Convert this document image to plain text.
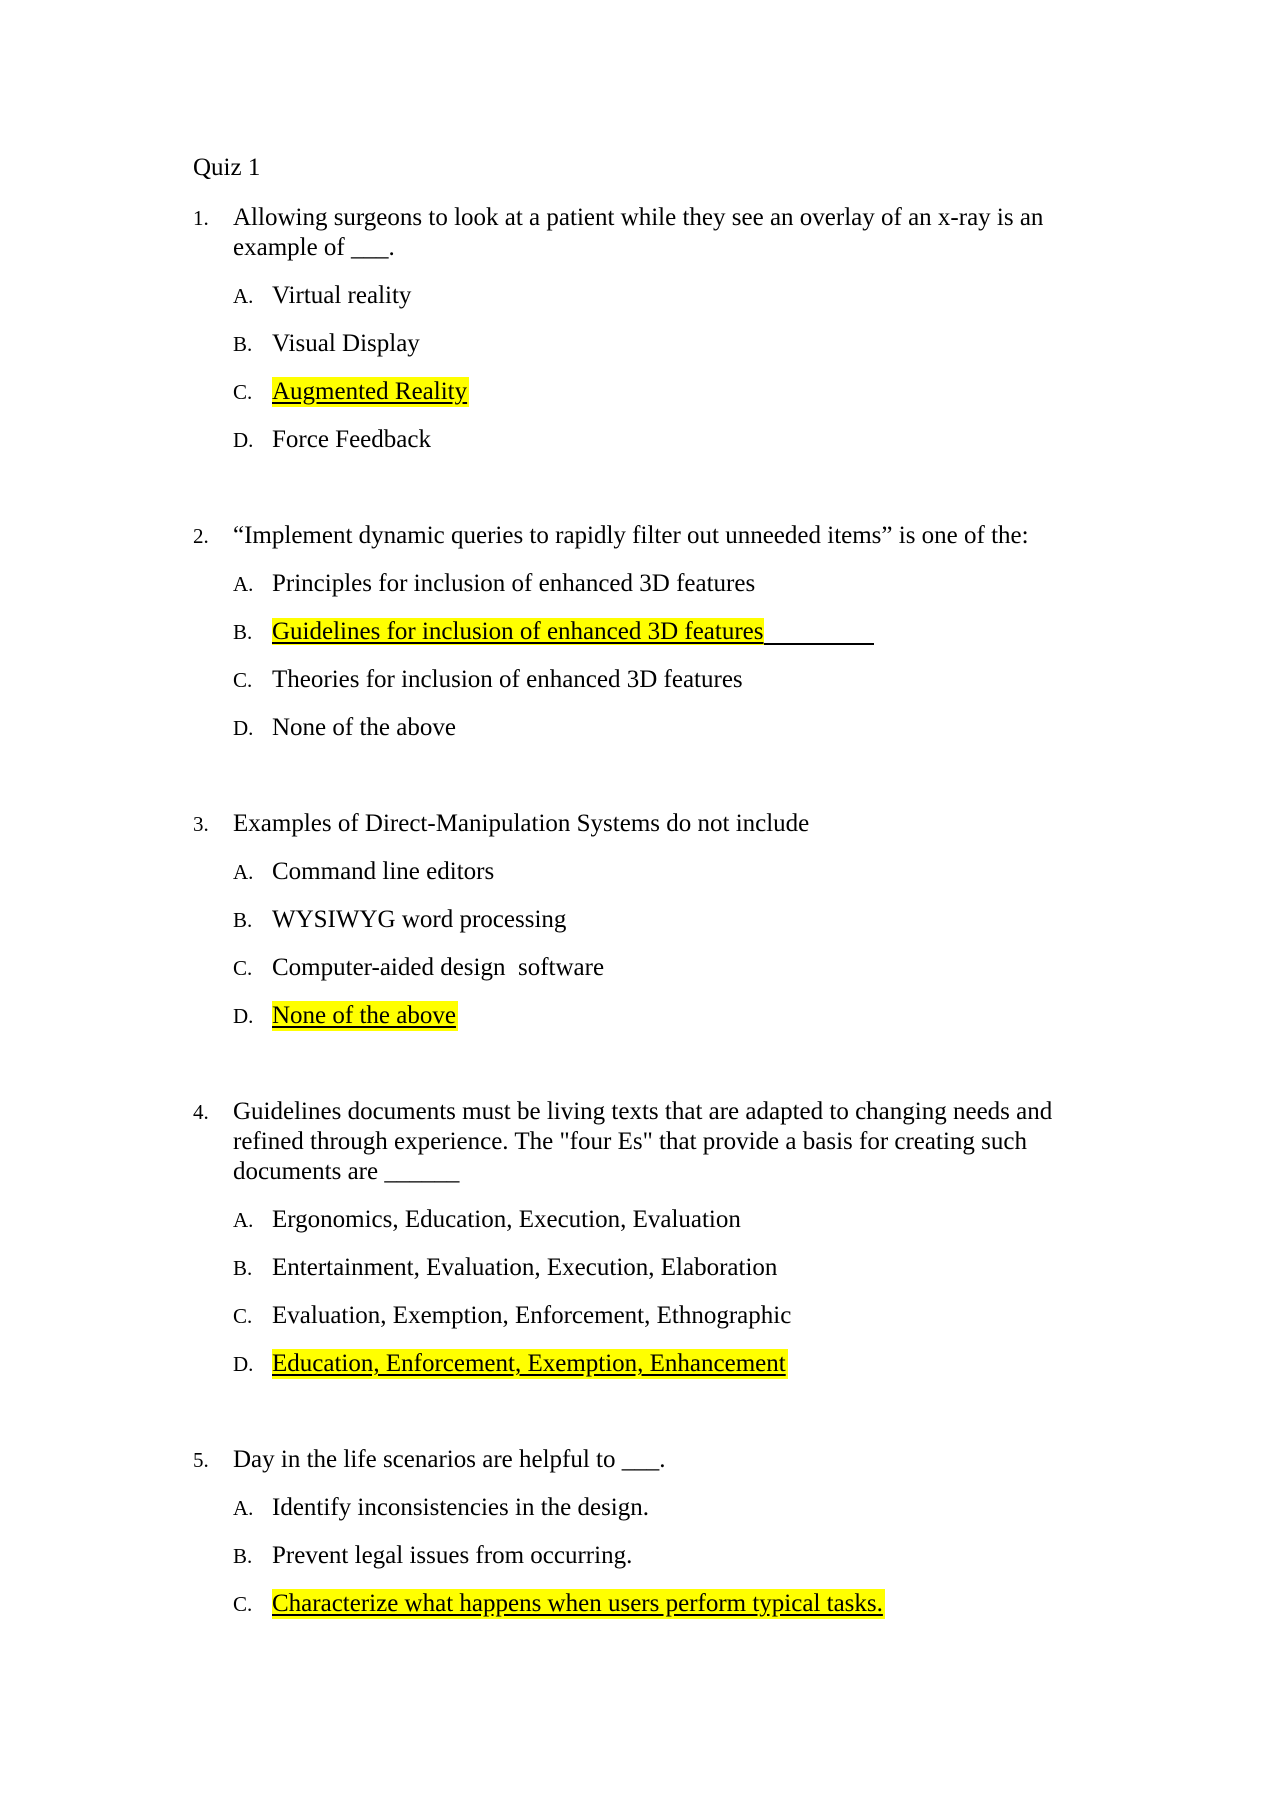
Quiz 1
1. Allowing surgeons to look at a patient while they see an overlay of an x-ray is an example of ___.
A. Virtual reality
B. Visual Display
C. Augmented Reality
D. Force Feedback
2. “Implement dynamic queries to rapidly filter out unneeded items” is one of the:
A. Principles for inclusion of enhanced 3D features
B. Guidelines for inclusion of enhanced 3D features
C. Theories for inclusion of enhanced 3D features
D. None of the above
3. Examples of Direct-Manipulation Systems do not include
A. Command line editors
B. WYSIWYG word processing
C. Computer-aided design  software
D. None of the above
4. Guidelines documents must be living texts that are adapted to changing needs and refined through experience. The "four Es" that provide a basis for creating such documents are ______
A. Ergonomics, Education, Execution, Evaluation
B. Entertainment, Evaluation, Execution, Elaboration
C. Evaluation, Exemption, Enforcement, Ethnographic
D. Education, Enforcement, Exemption, Enhancement
5. Day in the life scenarios are helpful to ___.
A. Identify inconsistencies in the design.
B. Prevent legal issues from occurring.
C. Characterize what happens when users perform typical tasks.
